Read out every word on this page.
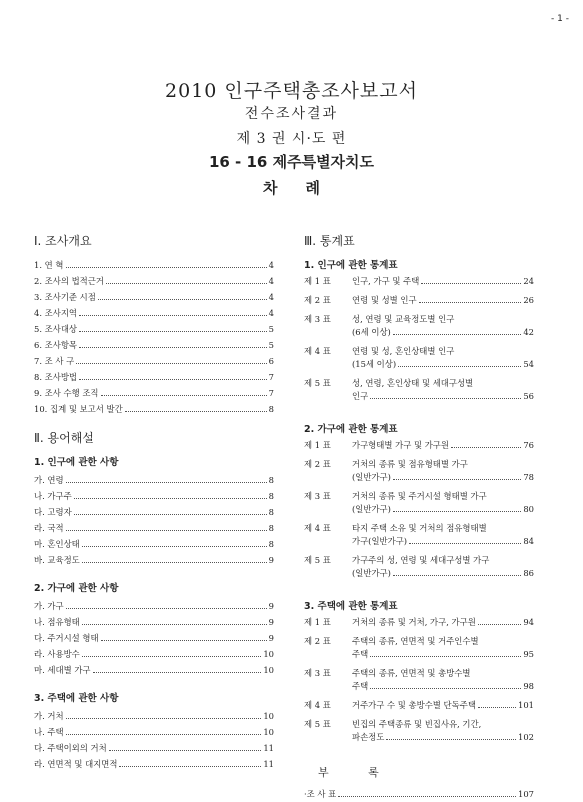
- 1 -
2010 인구주택총조사보고서
전수조사결과
제 3 권 시·도 편
16 - 16 제주특별자치도
차례
Ⅰ. 조사개요
1. 연 혁	4
2. 조사의 법적근거	4
3. 조사기준 시점	4
4. 조사지역	4
5. 조사대상	5
6. 조사항목	5
7. 조 사 구	6
8. 조사방법	7
9. 조사 수행 조직	7
10. 집계 및 보고서 발간	8
Ⅱ. 용어해설
1. 인구에 관한 사항
가. 연령	8
나. 가구주	8
다. 고령자	8
라. 국적	8
마. 혼인상태	8
바. 교육정도	9
2. 가구에 관한 사항
가. 가구	9
나. 점유형태	9
다. 주거시설 형태	9
라. 사용방수	10
마. 세대별 가구	10
3. 주택에 관한 사항
가. 거처	10
나. 주택	10
다. 주택이외의 거처	11
라. 연면적 및 대지면적	11
Ⅲ. 통계표
1. 인구에 관한 통계표
제 1 표	인구, 가구 및 주택	24
제 2 표	연령 및 성별 인구	26
제 3 표	성, 연령 및 교육정도별 인구
(6세 이상)	42
제 4 표	연령 및 성, 혼인상태별 인구
(15세 이상)	54
제 5 표	성, 연령, 혼인상태 및 세대구성별
인구	56
2. 가구에 관한 통계표
제 1 표	가구형태별 가구 및 가구원	76
제 2 표	거처의 종류 및 점유형태별 가구
(일반가구)	78
제 3 표	거처의 종류 및 주거시설 형태별 가구
(일반가구)	80
제 4 표	타지 주택 소유 및 거처의 점유형태별
가구(일반가구)	84
제 5 표	가구주의 성, 연령 및 세대구성별 가구
(일반가구)	86
3. 주택에 관한 통계표
제 1 표	거처의 종류 및 거처, 가구, 가구원	94
제 2 표	주택의 종류, 연면적 및 거주인수별
주택	95
제 3 표	주택의 종류, 연면적 및 총방수별
주택	98
제 4 표	거주가구 수 및 총방수별 단독주택	101
제 5 표	빈집의 주택종류 및 빈집사유, 기간,
파손정도	102
부 록
·조 사 표	107
